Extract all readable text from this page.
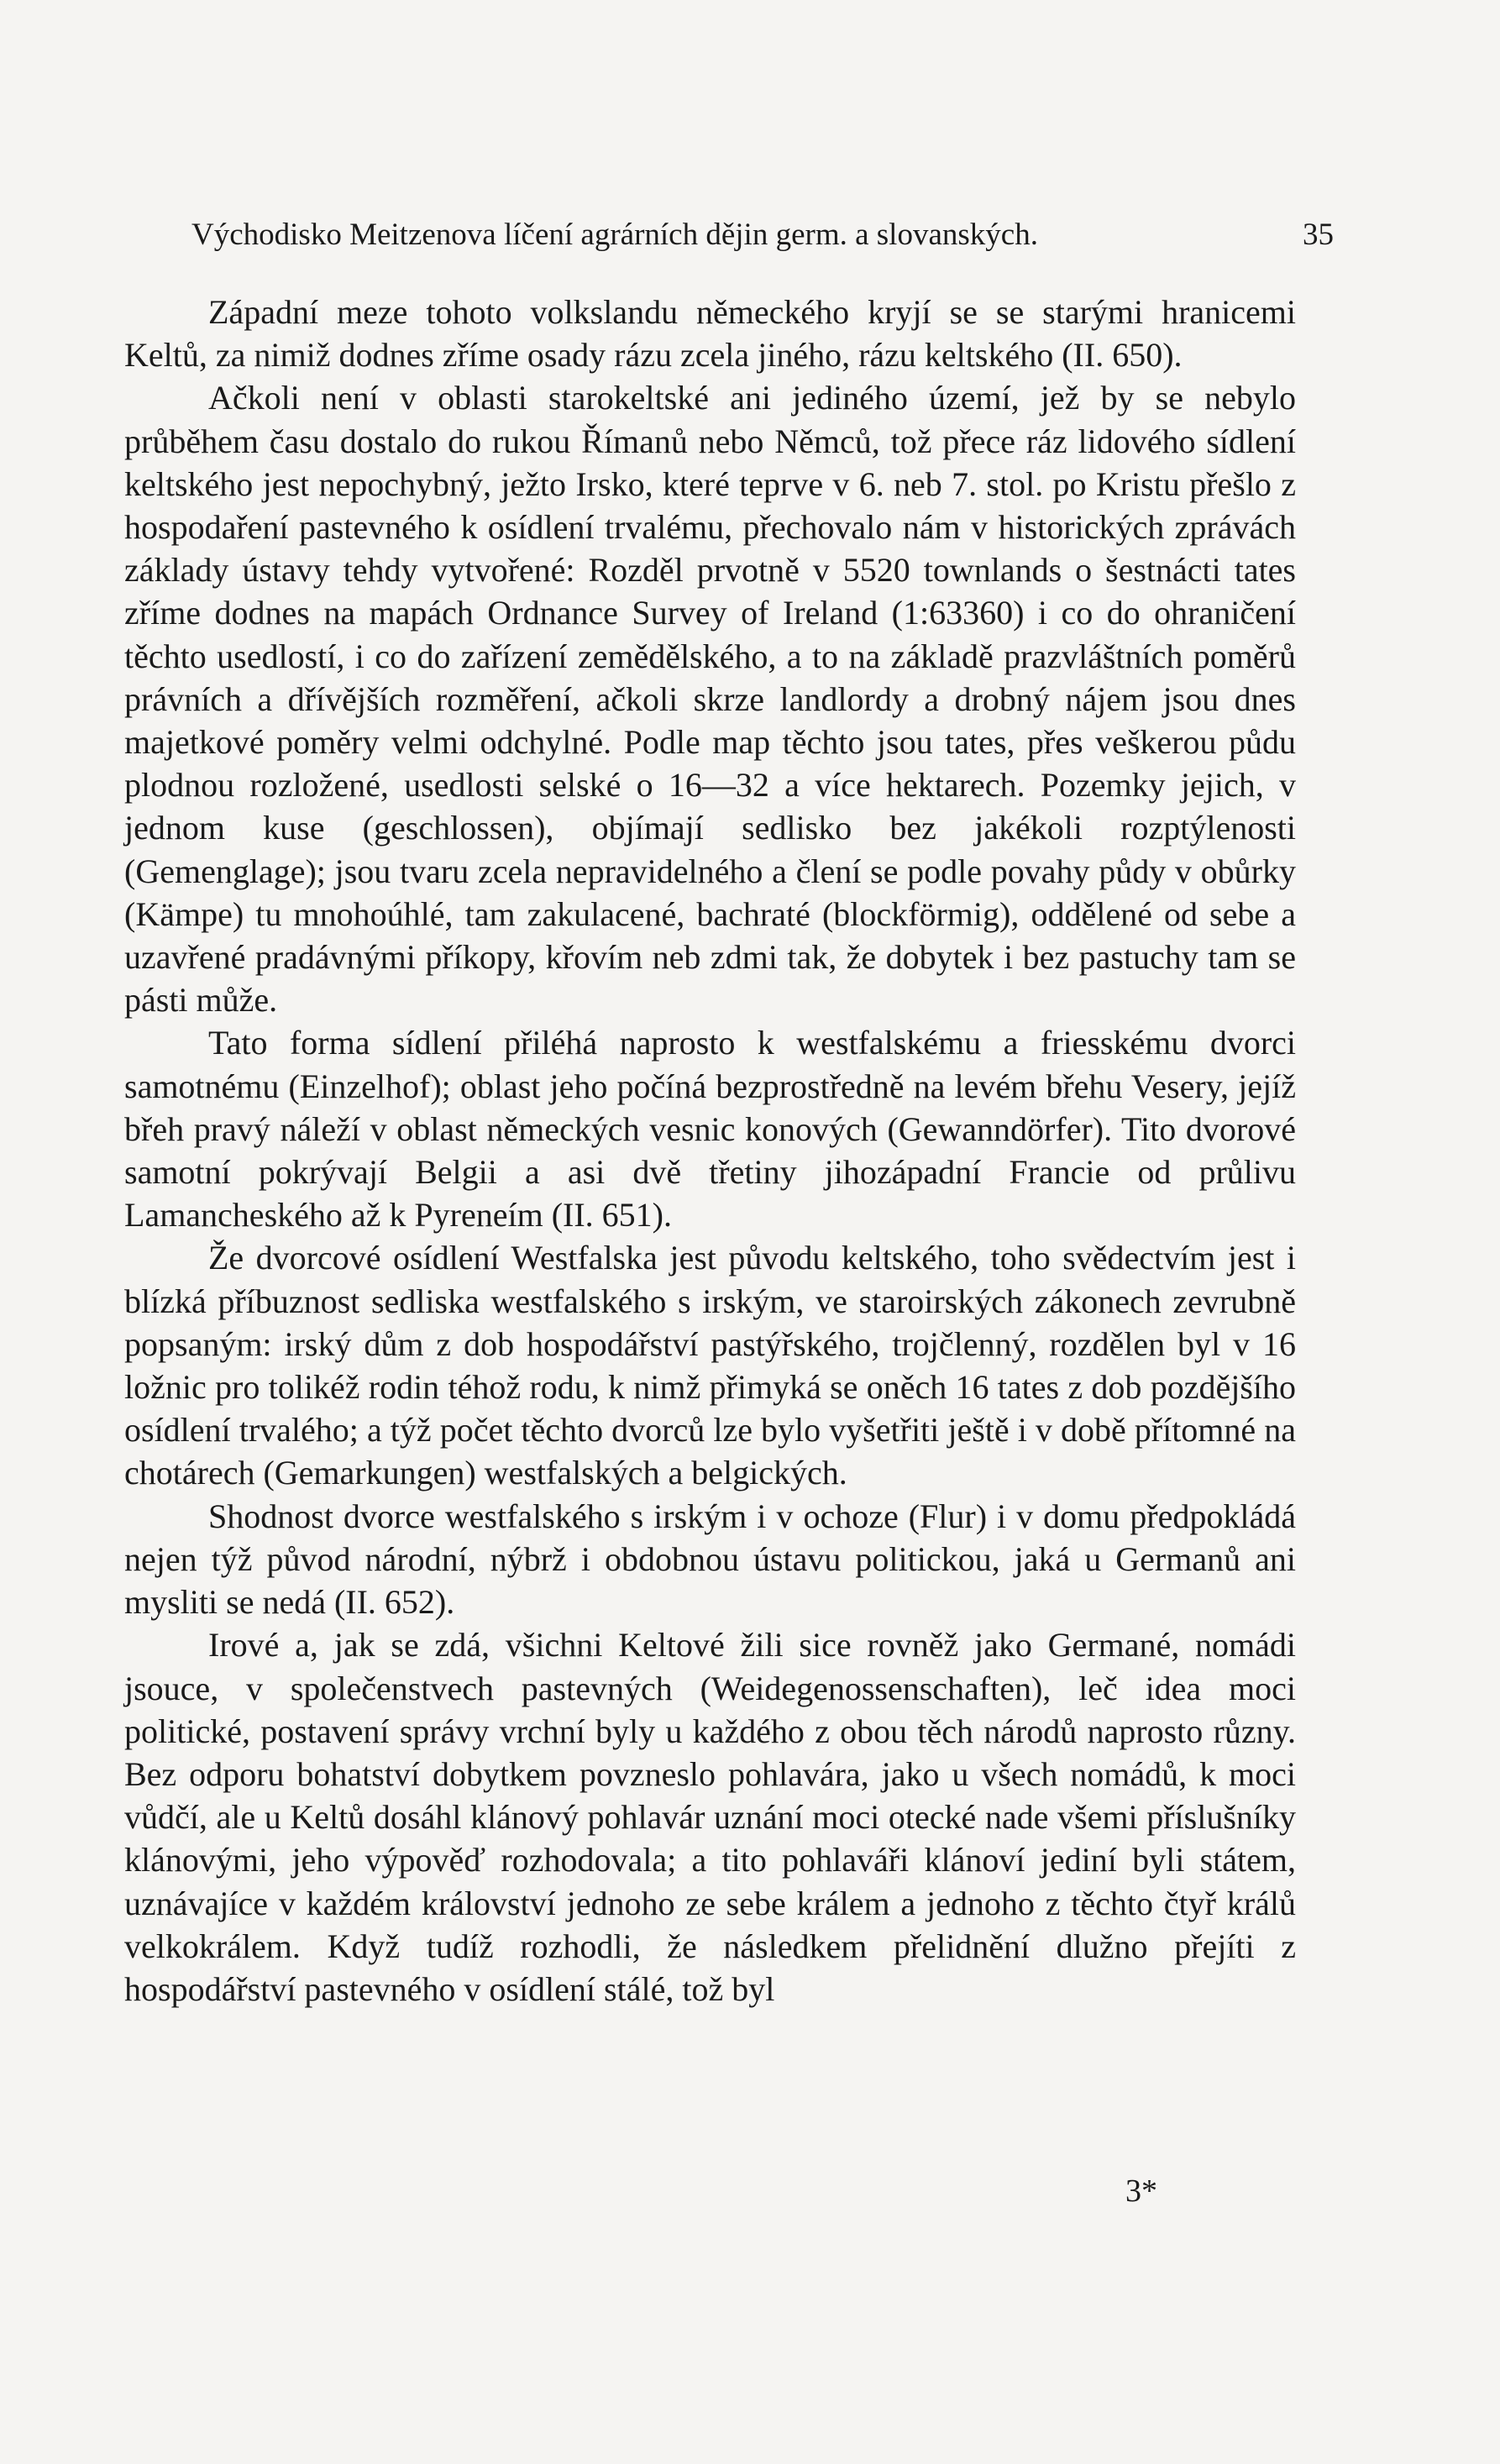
Východisko Meitzenova líčení agrárních dějin germ. a slovanských.	35

Západní meze tohoto volkslandu německého kryjí se se starými hranicemi Keltů, za nimiž dodnes zříme osady rázu zcela jiného, rázu keltského (II. 650).

Ačkoli není v oblasti starokeltské ani jediného území, jež by se nebylo průběhem času dostalo do rukou Římanů nebo Němců, tož přece ráz lidového sídlení keltského jest nepochybný, ježto Irsko, které teprve v 6. neb 7. stol. po Kristu přešlo z hospodaření pastevného k osídlení trvalému, přechovalo nám v historických zprávách základy ústavy tehdy vytvořené: Rozděl prvotně v 5520 townlands o šestnácti tates zříme dodnes na mapách Ordnance Survey of Ireland (1:63360) i co do ohraničení těchto usedlostí, i co do zařízení zemědělského, a to na základě prazvláštních poměrů právních a dřívějších rozměření, ačkoli skrze landlordy a drobný nájem jsou dnes majetkové poměry velmi odchylné. Podle map těchto jsou tates, přes veškerou půdu plodnou rozložené, usedlosti selské o 16—32 a více hektarech. Pozemky jejich, v jednom kuse (geschlossen), objímají sedlisko bez jakékoli rozptýlenosti (Gemenglage); jsou tvaru zcela nepravidelného a člení se podle povahy půdy v obůrky (Kämpe) tu mnohoúhlé, tam zakulacené, bachraté (blockförmig), oddělené od sebe a uzavřené pradávnými příkopy, křovím neb zdmi tak, že dobytek i bez pastuchy tam se pásti může.

Tato forma sídlení přiléhá naprosto k westfalskému a friesskému dvorci samotnému (Einzelhof); oblast jeho počíná bezprostředně na levém břehu Vesery, jejíž břeh pravý náleží v oblast německých vesnic konových (Gewanndörfer). Tito dvorové samotní pokrývají Belgii a asi dvě třetiny jihozápadní Francie od průlivu Lamancheského až k Pyreneím (II. 651).

Že dvorcové osídlení Westfalska jest původu keltského, toho svědectvím jest i blízká příbuznost sedliska westfalského s irským, ve staroirských zákonech zevrubně popsaným: irský dům z dob hospodářství pastýřského, trojčlenný, rozdělen byl v 16 ložnic pro tolikéž rodin téhož rodu, k nimž přimyká se oněch 16 tates z dob pozdějšího osídlení trvalého; a týž počet těchto dvorců lze bylo vyšetřiti ještě i v době přítomné na chotárech (Gemarkungen) westfalských a belgických.

Shodnost dvorce westfalského s irským i v ochoze (Flur) i v domu předpokládá nejen týž původ národní, nýbrž i obdobnou ústavu politickou, jaká u Germanů ani mysliti se nedá (II. 652).

Irové a, jak se zdá, všichni Keltové žili sice rovněž jako Germané, nomádi jsouce, v společenstvech pastevných (Weidegenossenschaften), leč idea moci politické, postavení správy vrchní byly u každého z obou těch národů naprosto různy. Bez odporu bohatství dobytkem povzneslo pohlavára, jako u všech nomádů, k moci vůdčí, ale u Keltů dosáhl klánový pohlavár uznání moci otecké nade všemi příslušníky klánovými, jeho výpověď rozhodovala; a tito pohlaváři klánoví jediní byli státem, uznávajíce v každém království jednoho ze sebe králem a jednoho z těchto čtyř králů velkokrálem. Když tudíž rozhodli, že následkem přelidnění dlužno přejíti z hospodářství pastevného v osídlení stálé, tož byl

3*
